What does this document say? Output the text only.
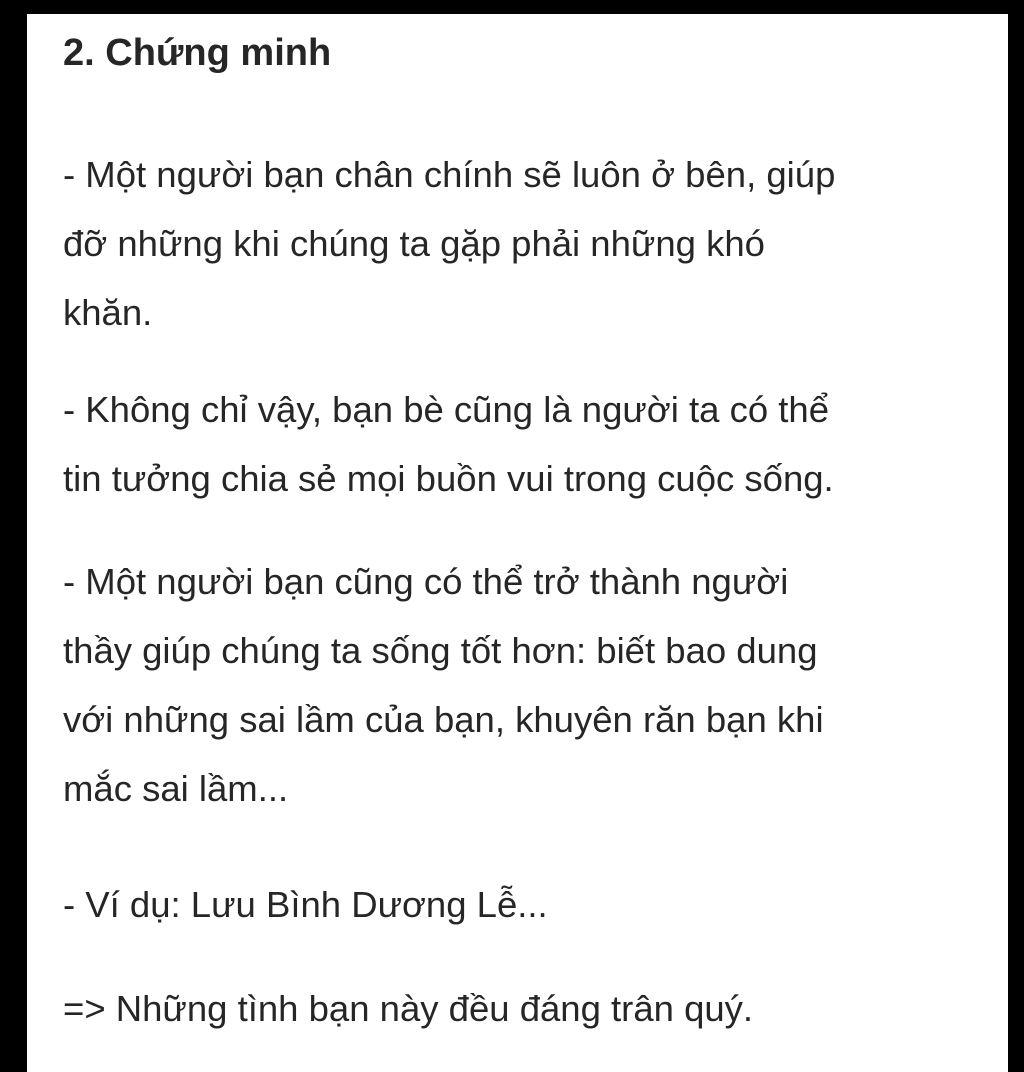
2. Chứng minh

- Một người bạn chân chính sẽ luôn ở bên, giúp
đỡ những khi chúng ta gặp phải những khó
khăn.

- Không chỉ vậy, bạn bè cũng là người ta có thể
tin tưởng chia sẻ mọi buồn vui trong cuộc sống.

- Một người bạn cũng có thể trở thành người
thầy giúp chúng ta sống tốt hơn: biết bao dung
với những sai lầm của bạn, khuyên răn bạn khi
mắc sai lầm...

- Ví dụ: Lưu Bình Dương Lễ...

=> Những tình bạn này đều đáng trân quý.
